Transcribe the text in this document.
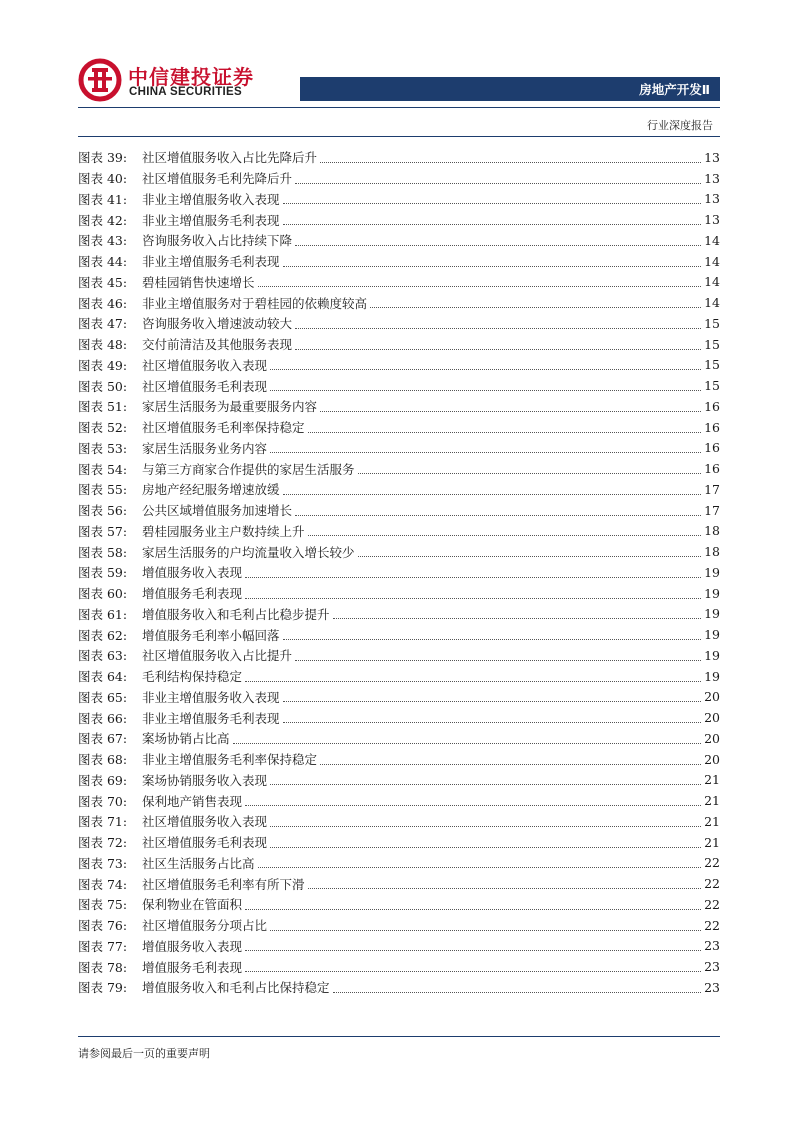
中信建投证券
CHINA SECURITIES	房地产开发Ⅱ
行业深度报告
图表 39:	社区增值服务收入占比先降后升	13
图表 40:	社区增值服务毛利先降后升	13
图表 41:	非业主增值服务收入表现	13
图表 42:	非业主增值服务毛利表现	13
图表 43:	咨询服务收入占比持续下降	14
图表 44:	非业主增值服务毛利表现	14
图表 45:	碧桂园销售快速增长	14
图表 46:	非业主增值服务对于碧桂园的依赖度较高	14
图表 47:	咨询服务收入增速波动较大	15
图表 48:	交付前清洁及其他服务表现	15
图表 49:	社区增值服务收入表现	15
图表 50:	社区增值服务毛利表现	15
图表 51:	家居生活服务为最重要服务内容	16
图表 52:	社区增值服务毛利率保持稳定	16
图表 53:	家居生活服务业务内容	16
图表 54:	与第三方商家合作提供的家居生活服务	16
图表 55:	房地产经纪服务增速放缓	17
图表 56:	公共区域增值服务加速增长	17
图表 57:	碧桂园服务业主户数持续上升	18
图表 58:	家居生活服务的户均流量收入增长较少	18
图表 59:	增值服务收入表现	19
图表 60:	增值服务毛利表现	19
图表 61:	增值服务收入和毛利占比稳步提升	19
图表 62:	增值服务毛利率小幅回落	19
图表 63:	社区增值服务收入占比提升	19
图表 64:	毛利结构保持稳定	19
图表 65:	非业主增值服务收入表现	20
图表 66:	非业主增值服务毛利表现	20
图表 67:	案场协销占比高	20
图表 68:	非业主增值服务毛利率保持稳定	20
图表 69:	案场协销服务收入表现	21
图表 70:	保利地产销售表现	21
图表 71:	社区增值服务收入表现	21
图表 72:	社区增值服务毛利表现	21
图表 73:	社区生活服务占比高	22
图表 74:	社区增值服务毛利率有所下滑	22
图表 75:	保利物业在管面积	22
图表 76:	社区增值服务分项占比	22
图表 77:	增值服务收入表现	23
图表 78:	增值服务毛利表现	23
图表 79:	增值服务收入和毛利占比保持稳定	23
请参阅最后一页的重要声明
